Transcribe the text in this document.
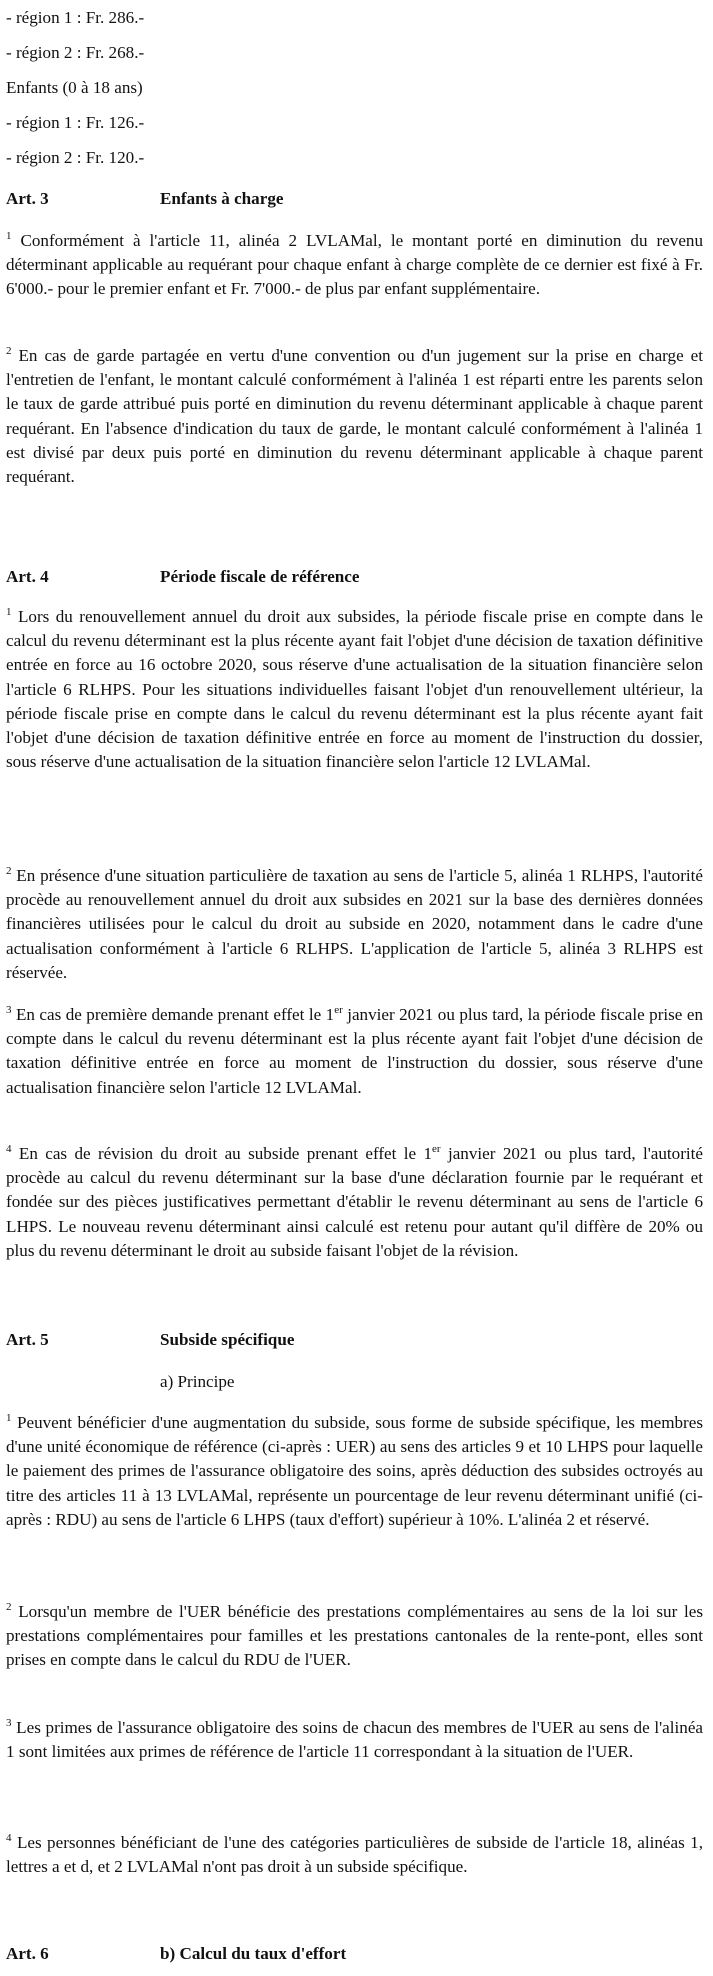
- région 1 : Fr. 286.-
- région 2 : Fr. 268.-
Enfants (0 à 18 ans)
- région 1 : Fr. 126.-
- région 2 : Fr. 120.-
Art. 3	Enfants à charge
$^1$ Conformément à l'article 11, alinéa 2 LVLAMal, le montant porté en diminution du revenu déterminant applicable au requérant pour chaque enfant à charge complète de ce dernier est fixé à Fr. 6'000.- pour le premier enfant et Fr. 7'000.- de plus par enfant supplémentaire.
$^2$ En cas de garde partagée en vertu d'une convention ou d'un jugement sur la prise en charge et l'entretien de l'enfant, le montant calculé conformément à l'alinéa 1 est réparti entre les parents selon le taux de garde attribué puis porté en diminution du revenu déterminant applicable à chaque parent requérant. En l'absence d'indication du taux de garde, le montant calculé conformément à l'alinéa 1 est divisé par deux puis porté en diminution du revenu déterminant applicable à chaque parent requérant.
Art. 4	Période fiscale de référence
$^1$ Lors du renouvellement annuel du droit aux subsides, la période fiscale prise en compte dans le calcul du revenu déterminant est la plus récente ayant fait l'objet d'une décision de taxation définitive entrée en force au 16 octobre 2020, sous réserve d'une actualisation de la situation financière selon l'article 6 RLHPS. Pour les situations individuelles faisant l'objet d'un renouvellement ultérieur, la période fiscale prise en compte dans le calcul du revenu déterminant est la plus récente ayant fait l'objet d'une décision de taxation définitive entrée en force au moment de l'instruction du dossier, sous réserve d'une actualisation de la situation financière selon l'article 12 LVLAMal.
$^2$ En présence d'une situation particulière de taxation au sens de l'article 5, alinéa 1 RLHPS, l'autorité procède au renouvellement annuel du droit aux subsides en 2021 sur la base des dernières données financières utilisées pour le calcul du droit au subside en 2020, notamment dans le cadre d'une actualisation conformément à l'article 6 RLHPS. L'application de l'article 5, alinéa 3 RLHPS est réservée.
$^3$ En cas de première demande prenant effet le 1er janvier 2021 ou plus tard, la période fiscale prise en compte dans le calcul du revenu déterminant est la plus récente ayant fait l'objet d'une décision de taxation définitive entrée en force au moment de l'instruction du dossier, sous réserve d'une actualisation financière selon l'article 12 LVLAMal.
$^4$ En cas de révision du droit au subside prenant effet le 1er janvier 2021 ou plus tard, l'autorité procède au calcul du revenu déterminant sur la base d'une déclaration fournie par le requérant et fondée sur des pièces justificatives permettant d'établir le revenu déterminant au sens de l'article 6 LHPS. Le nouveau revenu déterminant ainsi calculé est retenu pour autant qu'il diffère de 20% ou plus du revenu déterminant le droit au subside faisant l'objet de la révision.
Art. 5	Subside spécifique
a) Principe
$^1$ Peuvent bénéficier d'une augmentation du subside, sous forme de subside spécifique, les membres d'une unité économique de référence (ci-après : UER) au sens des articles 9 et 10 LHPS pour laquelle le paiement des primes de l'assurance obligatoire des soins, après déduction des subsides octroyés au titre des articles 11 à 13 LVLAMal, représente un pourcentage de leur revenu déterminant unifié (ci-après : RDU) au sens de l'article 6 LHPS (taux d'effort) supérieur à 10%. L'alinéa 2 et réservé.
$^2$ Lorsqu'un membre de l'UER bénéficie des prestations complémentaires au sens de la loi sur les prestations complémentaires pour familles et les prestations cantonales de la rente-pont, elles sont prises en compte dans le calcul du RDU de l'UER.
$^3$ Les primes de l'assurance obligatoire des soins de chacun des membres de l'UER au sens de l'alinéa 1 sont limitées aux primes de référence de l'article 11 correspondant à la situation de l'UER.
$^4$ Les personnes bénéficiant de l'une des catégories particulières de subside de l'article 18, alinéas 1, lettres a et d, et 2 LVLAMal n'ont pas droit à un subside spécifique.
Art. 6	b) Calcul du taux d'effort
